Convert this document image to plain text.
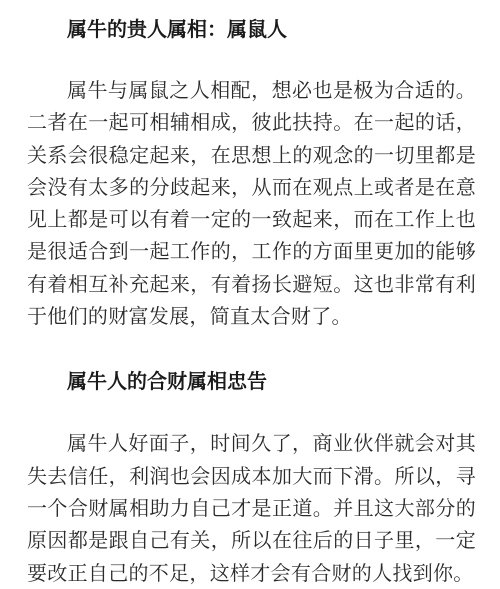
属牛的贵人属相：属鼠人

属牛与属鼠之人相配，想必也是极为合适的。二者在一起可相辅相成，彼此扶持。在一起的话，关系会很稳定起来，在思想上的观念的一切里都是会没有太多的分歧起来，从而在观点上或者是在意见上都是可以有着一定的一致起来，而在工作上也是很适合到一起工作的，工作的方面里更加的能够有着相互补充起来，有着扬长避短。这也非常有利于他们的财富发展，简直太合财了。

属牛人的合财属相忠告

属牛人好面子，时间久了，商业伙伴就会对其失去信任，利润也会因成本加大而下滑。所以，寻一个合财属相助力自己才是正道。并且这大部分的原因都是跟自己有关，所以在往后的日子里，一定要改正自己的不足，这样才会有合财的人找到你。
